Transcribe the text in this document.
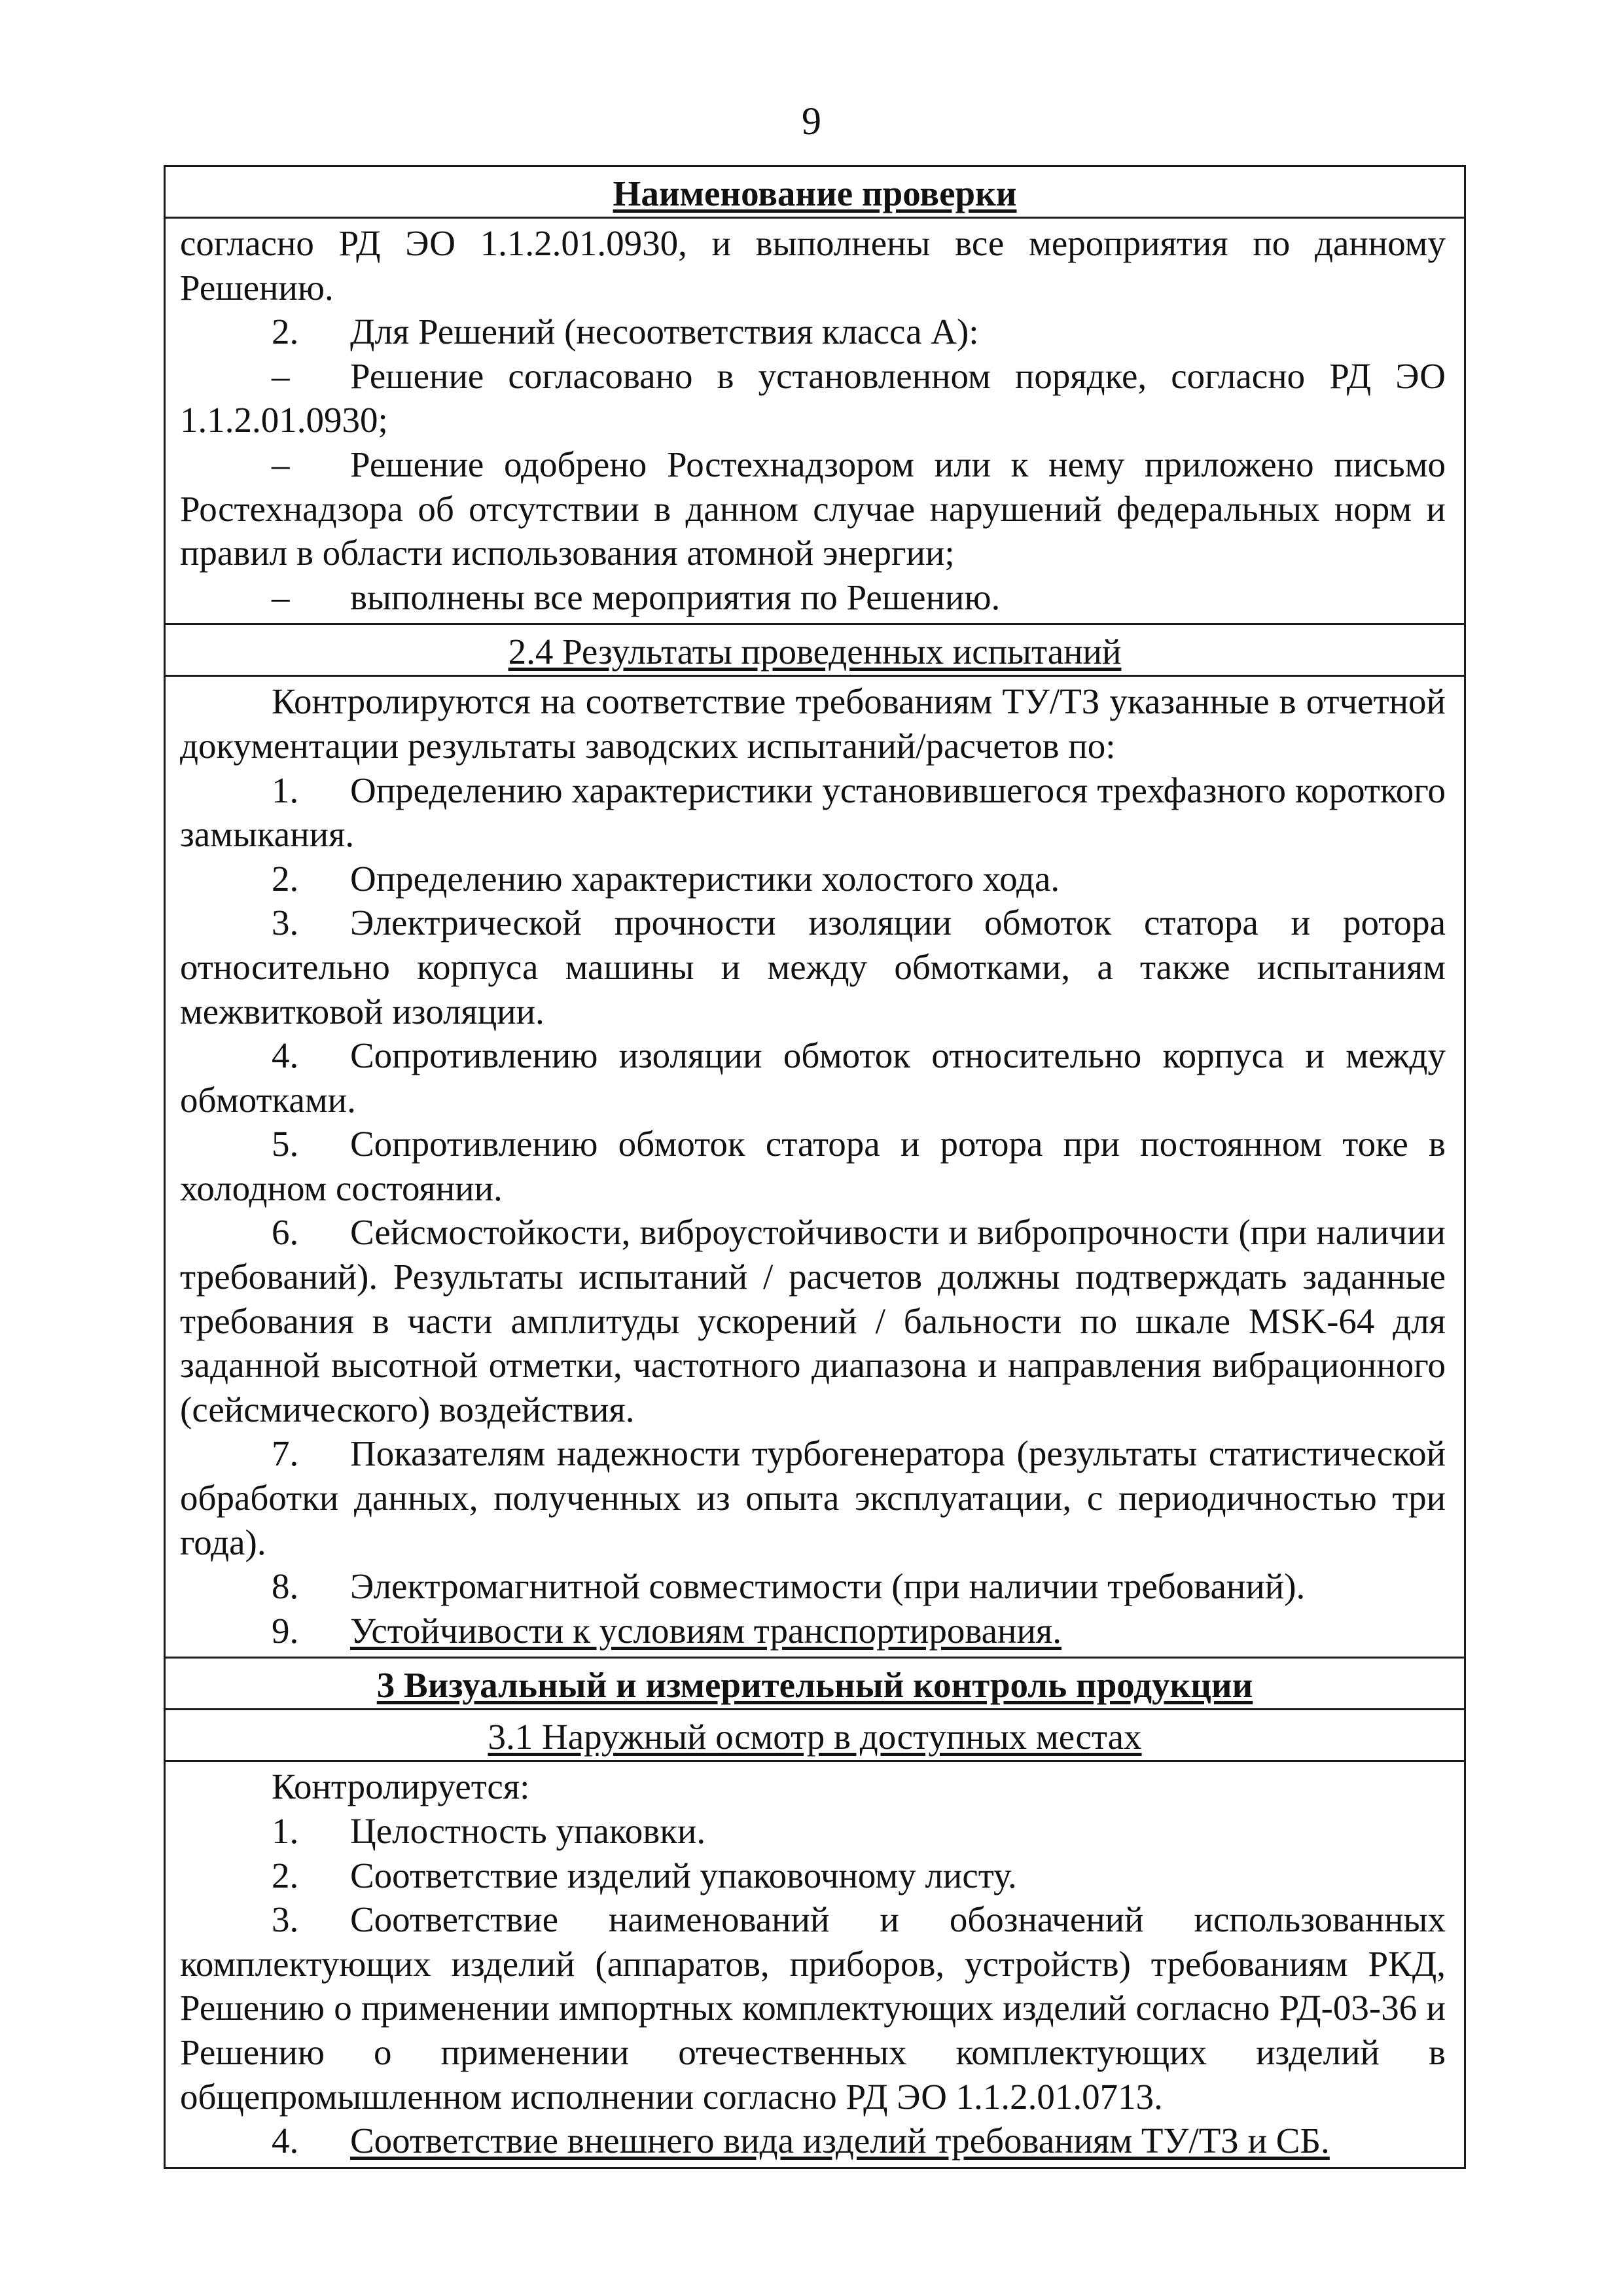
9
Наименование проверки

согласно РД ЭО 1.1.2.01.0930, и выполнены все мероприятия по данному Решению.

2. Для Решений (несоответствия класса А):

– Решение согласовано в установленном порядке, согласно РД ЭО 1.1.2.01.0930;

– Решение одобрено Ростехнадзором или к нему приложено письмо Ростехнадзора об отсутствии в данном случае нарушений федеральных норм и правил в области использования атомной энергии;

– выполнены все мероприятия по Решению.

2.4 Результаты проведенных испытаний

Контролируются на соответствие требованиям ТУ/ТЗ указанные в отчетной документации результаты заводских испытаний/расчетов по:

1. Определению характеристики установившегося трехфазного короткого замыкания.

2. Определению характеристики холостого хода.

3. Электрической прочности изоляции обмоток статора и ротора относительно корпуса машины и между обмотками, а также испытаниям межвитковой изоляции.

4. Сопротивлению изоляции обмоток относительно корпуса и между обмотками.

5. Сопротивлению обмоток статора и ротора при постоянном токе в холодном состоянии.

6. Сейсмостойкости, виброустойчивости и вибропрочности (при наличии требований). Результаты испытаний / расчетов должны подтверждать заданные требования в части амплитуды ускорений / бальности по шкале MSK-64 для заданной высотной отметки, частотного диапазона и направления вибрационного (сейсмического) воздействия.

7. Показателям надежности турбогенератора (результаты статистической обработки данных, полученных из опыта эксплуатации, с периодичностью три года).

8. Электромагнитной совместимости (при наличии требований).

9. Устойчивости к условиям транспортирования.

3 Визуальный и измерительный контроль продукции
3.1 Наружный осмотр в доступных местах

Контролируется:

1. Целостность упаковки.

2. Соответствие изделий упаковочному листу.

3. Соответствие наименований и обозначений использованных комплектующих изделий (аппаратов, приборов, устройств) требованиям РКД, Решению о применении импортных комплектующих изделий согласно РД-03-36 и Решению о применении отечественных комплектующих изделий в общепромышленном исполнении согласно РД ЭО 1.1.2.01.0713.

4. Соответствие внешнего вида изделий требованиям ТУ/ТЗ и СБ.
